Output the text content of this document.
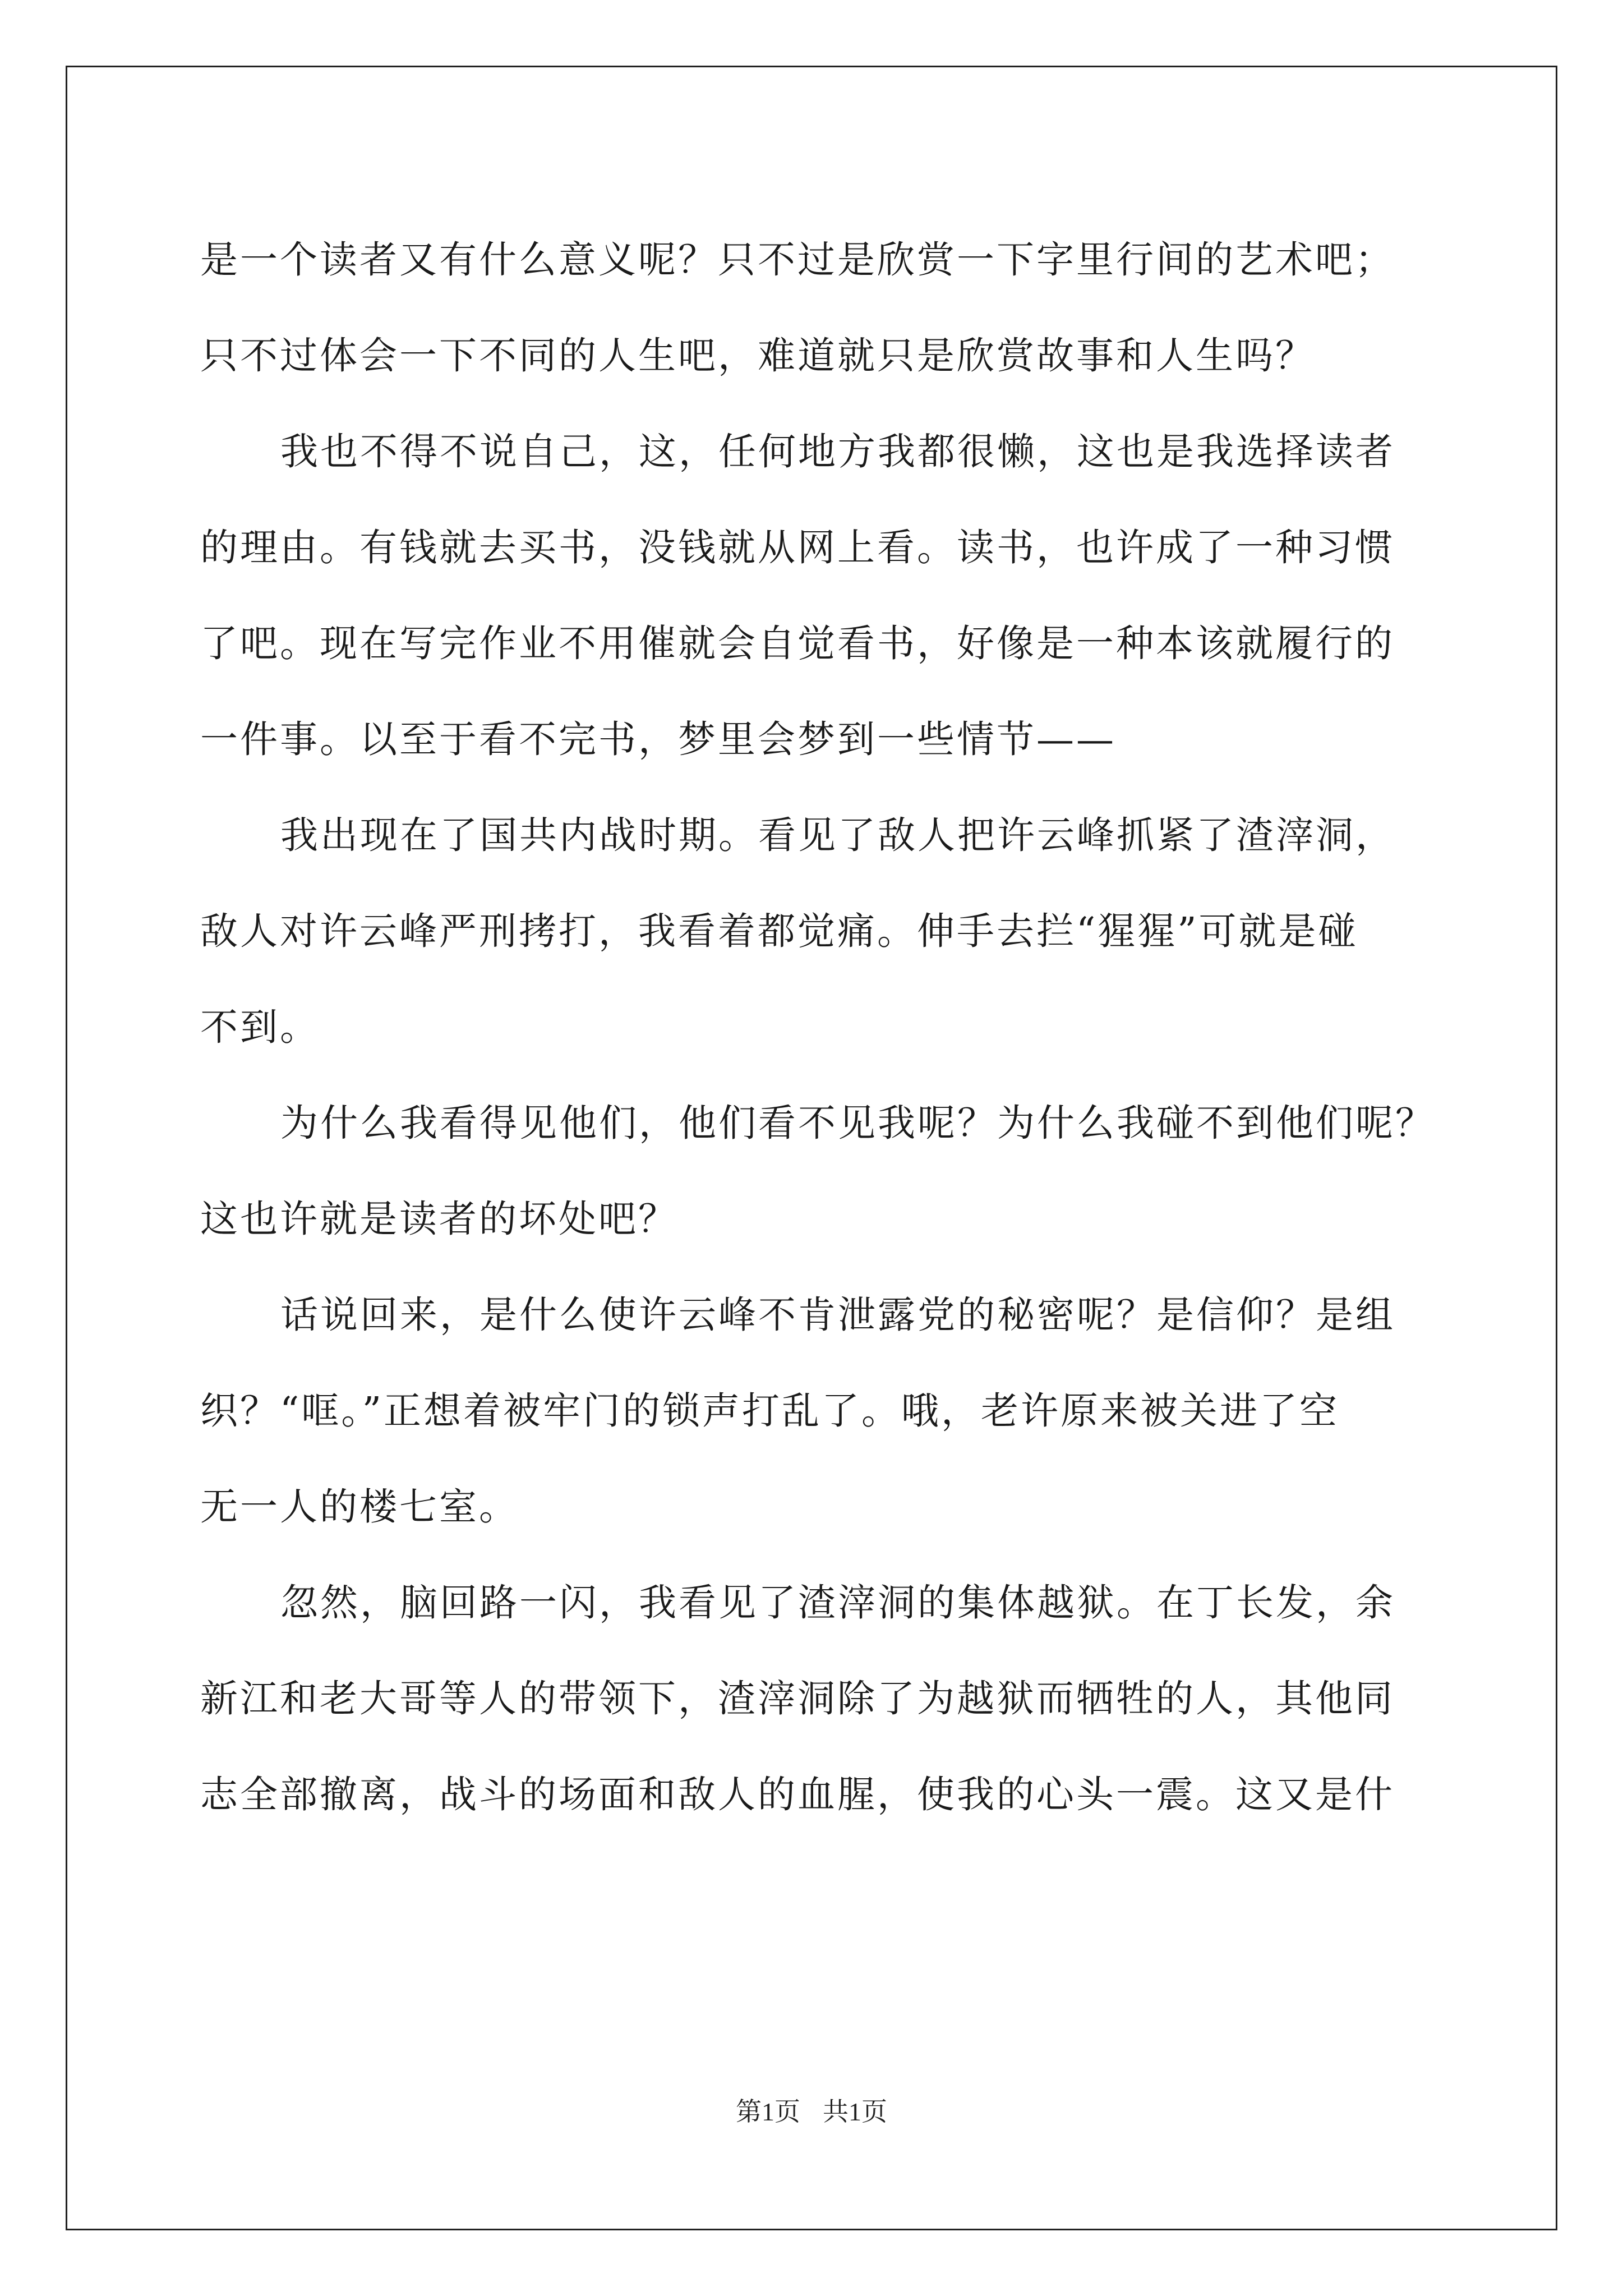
是一个读者又有什么意义呢？只不过是欣赏一下字里行间的艺术吧；
只不过体会一下不同的人生吧，难道就只是欣赏故事和人生吗？
我也不得不说自己，这，任何地方我都很懒，这也是我选择读者
的理由。有钱就去买书，没钱就从网上看。读书，也许成了一种习惯
了吧。现在写完作业不用催就会自觉看书，好像是一种本该就履行的
一件事。以至于看不完书，梦里会梦到一些情节——
我出现在了国共内战时期。看见了敌人把许云峰抓紧了渣滓洞，
敌人对许云峰严刑拷打，我看着都觉痛。伸手去拦“猩猩”可就是碰
不到。
为什么我看得见他们，他们看不见我呢？为什么我碰不到他们呢？
这也许就是读者的坏处吧？
话说回来，是什么使许云峰不肯泄露党的秘密呢？是信仰？是组
织？“哐。”正想着被牢门的锁声打乱了。哦，老许原来被关进了空
无一人的楼七室。
忽然，脑回路一闪，我看见了渣滓洞的集体越狱。在丁长发，余
新江和老大哥等人的带领下，渣滓洞除了为越狱而牺牲的人，其他同
志全部撤离，战斗的场面和敌人的血腥，使我的心头一震。这又是什
第1页 共1页
